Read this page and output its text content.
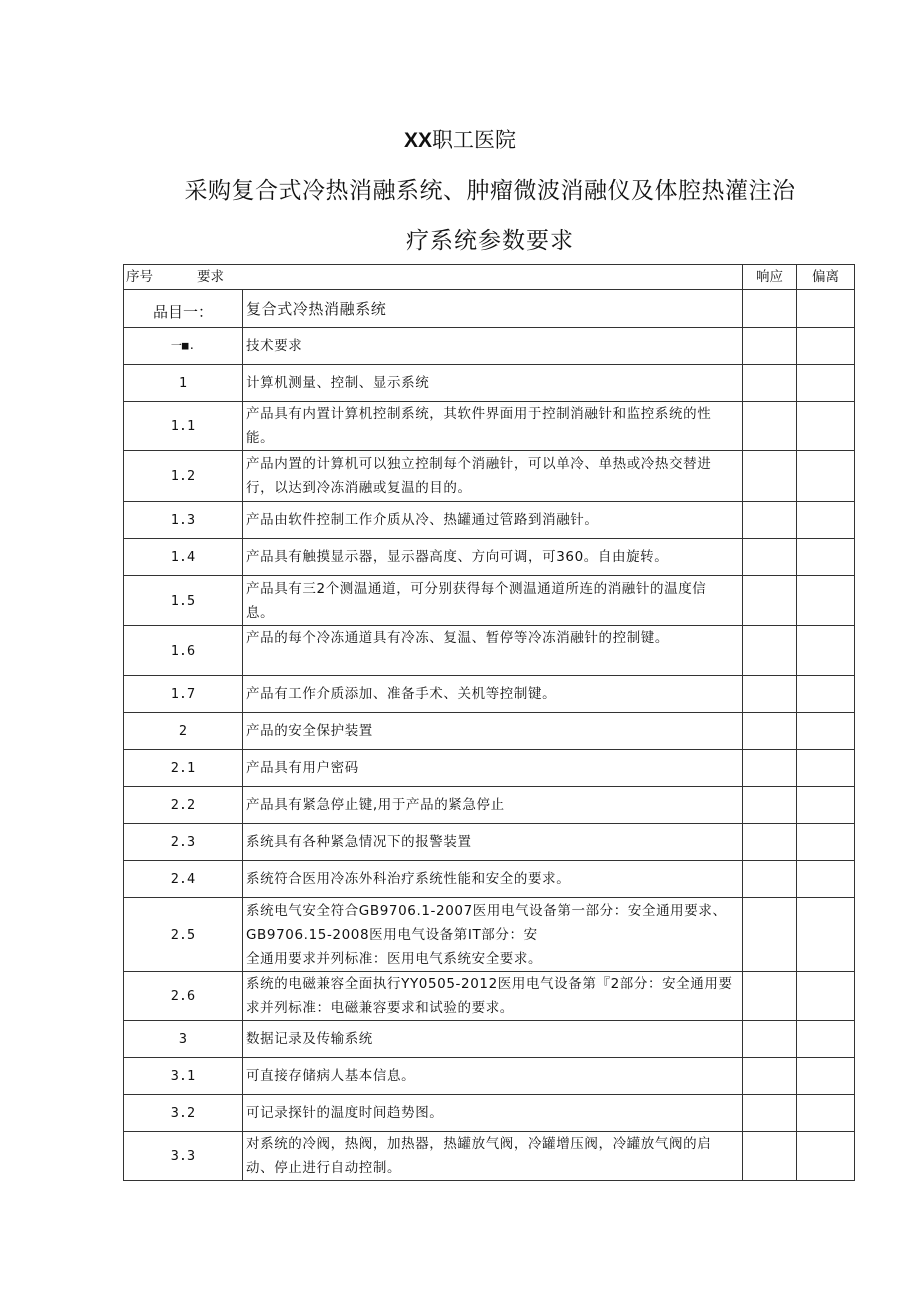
XX职工医院
采购复合式冷热消融系统、肿瘤微波消融仪及体腔热灌注治
疗系统参数要求
序号 要求		响应	偏离
品目一：	复合式冷热消融系统		
一■.	技术要求		
1	计算机测量、控制、显示系统		
1.1	产品具有内置计算机控制系统，其软件界面用于控制消融针和监控系统的性能。		
1.2	产品内置的计算机可以独立控制每个消融针，可以单冷、单热或冷热交替进行，以达到冷冻消融或复温的目的。		
1.3	产品由软件控制工作介质从冷、热罐通过管路到消融针。		
1.4	产品具有触摸显示器，显示器高度、方向可调，可360。自由旋转。		
1.5	产品具有三2个测温通道，可分别获得每个测温通道所连的消融针的温度信息。		
1.6	产品的每个冷冻通道具有冷冻、复温、暂停等冷冻消融针的控制键。		
1.7	产品有工作介质添加、准备手术、关机等控制键。		
2	产品的安全保护装置		
2.1	产品具有用户密码		
2.2	产品具有紧急停止键,用于产品的紧急停止		
2.3	系统具有各种紧急情况下的报警装置		
2.4	系统符合医用冷冻外科治疗系统性能和安全的要求。		
2.5	系统电气安全符合GB9706.1-2007医用电气设备第一部分：安全通用要求、GB9706.15-2008医用电气设备第IT部分：安
全通用要求并列标准：医用电气系统安全要求。		
2.6	系统的电磁兼容全面执行YY0505-2012医用电气设备第『2部分：安全通用要求并列标准：电磁兼容要求和试验的要求。		
3	数据记录及传输系统		
3.1	可直接存储病人基本信息。		
3.2	可记录探针的温度时间趋势图。		
3.3	对系统的冷阀，热阀，加热器，热罐放气阀，冷罐增压阀，冷罐放气阀的启动、停止进行自动控制。		
